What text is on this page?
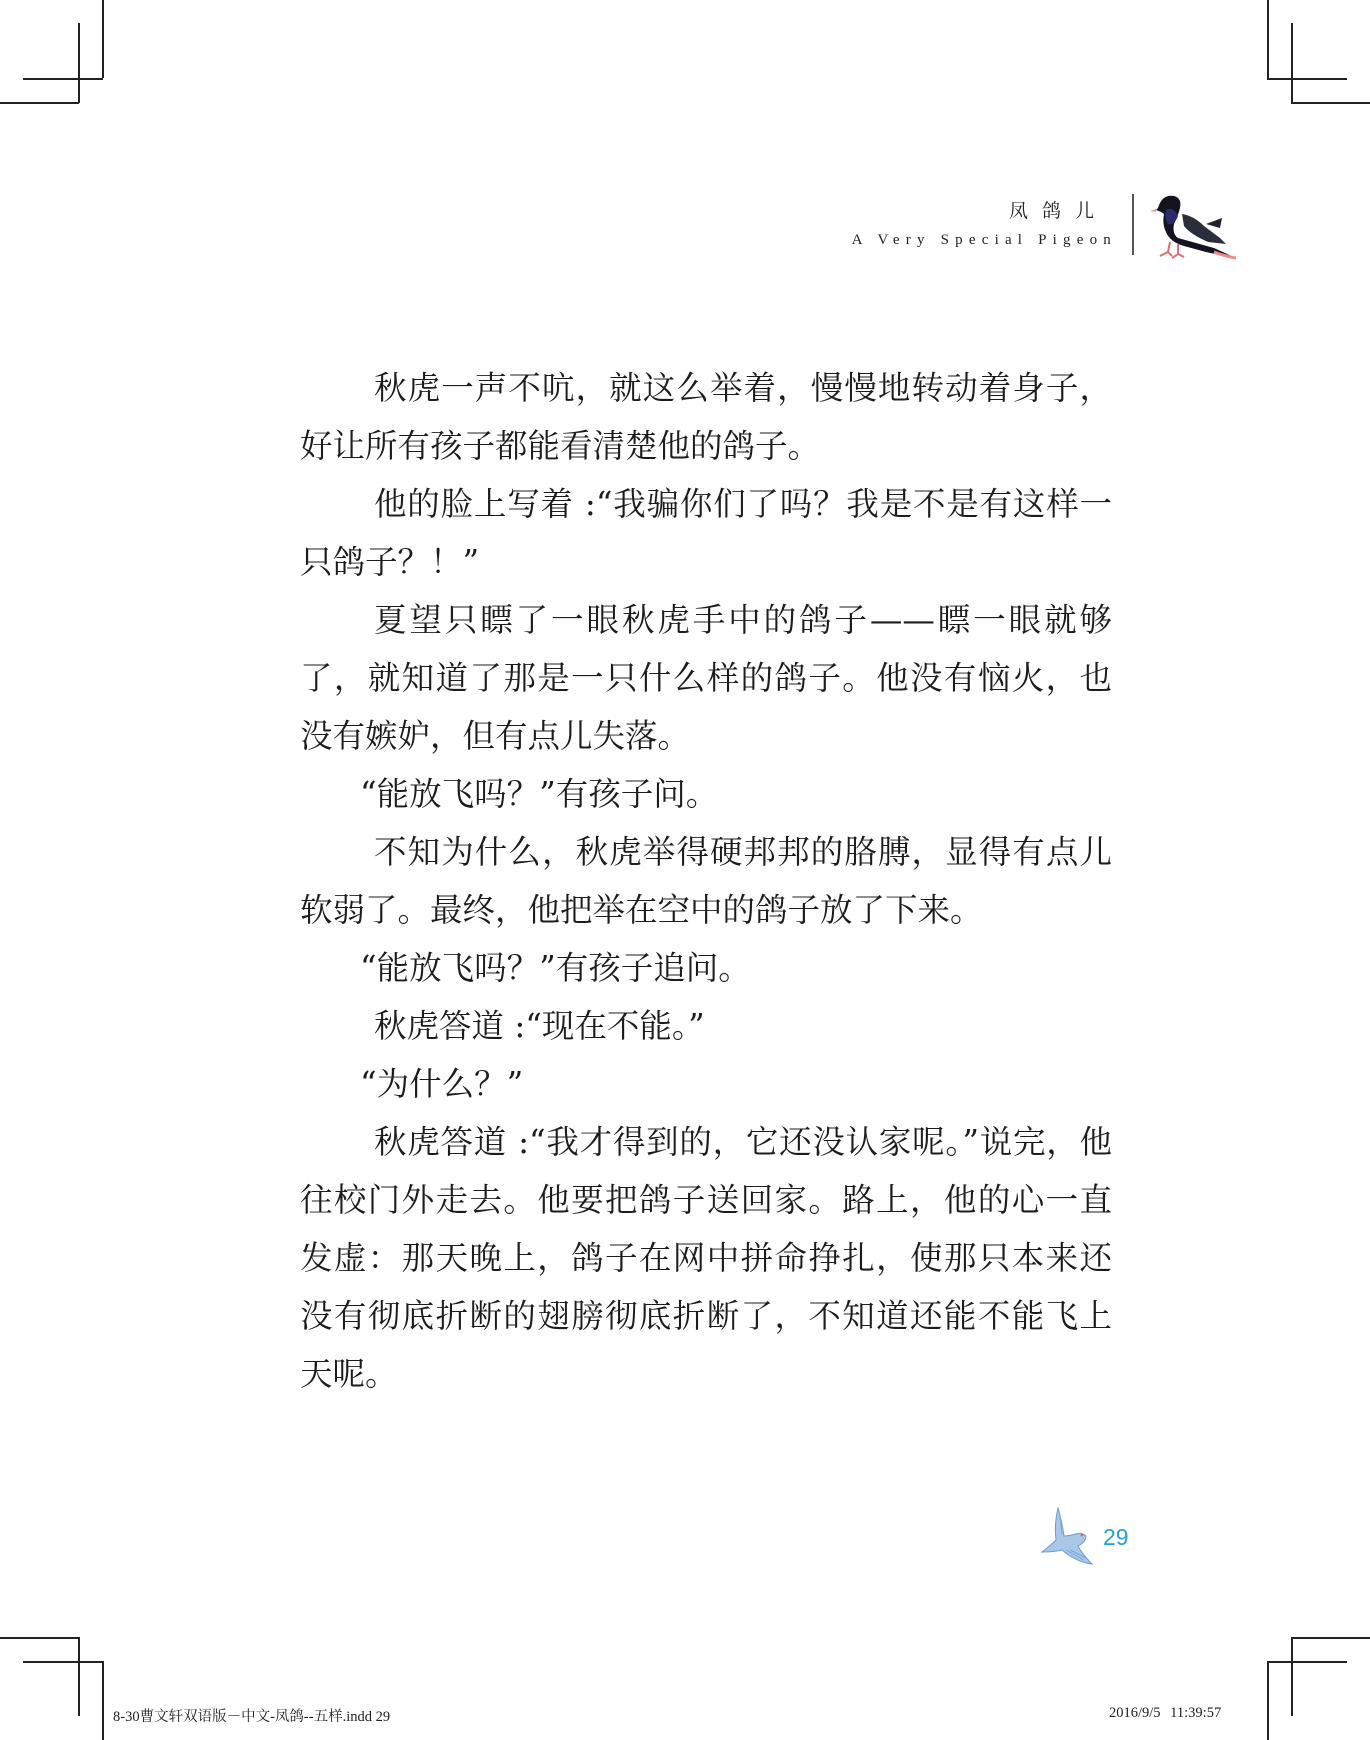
凤鸽儿
A Very Special Pigeon

秋虎一声不吭，就这么举着，慢慢地转动着身子，好让所有孩子都能看清楚他的鸽子。

他的脸上写着 :“我骗你们了吗？我是不是有这样一只鸽子？！”

夏望只瞟了一眼秋虎手中的鸽子——瞟一眼就够了，就知道了那是一只什么样的鸽子。他没有恼火，也没有嫉妒，但有点儿失落。

“能放飞吗？”有孩子问。

不知为什么，秋虎举得硬邦邦的胳膊，显得有点儿软弱了。最终，他把举在空中的鸽子放了下来。

“能放飞吗？”有孩子追问。

秋虎答道 :“现在不能。”

“为什么？”

秋虎答道 :“我才得到的，它还没认家呢。”说完，他往校门外走去。他要把鸽子送回家。路上，他的心一直发虚：那天晚上，鸽子在网中拼命挣扎，使那只本来还没有彻底折断的翅膀彻底折断了，不知道还能不能飞上天呢。

29
8-30曹文轩双语版－中文-凤鸽--五样.indd 29	2016/9/5 11:39:57
